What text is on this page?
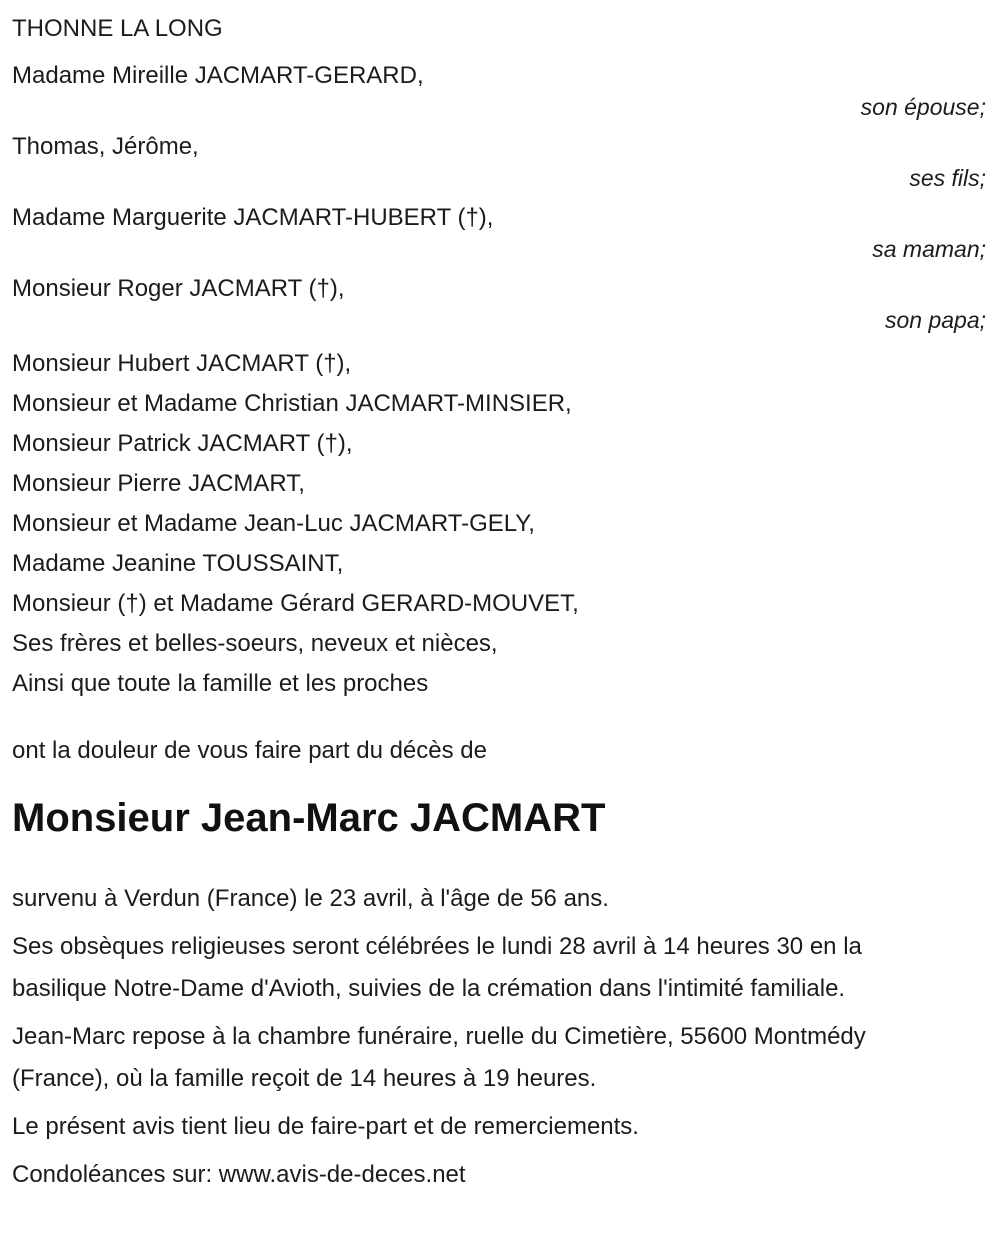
THONNE LA LONG
Madame Mireille JACMART-GERARD,
son épouse;
Thomas, Jérôme,
ses fils;
Madame Marguerite JACMART-HUBERT (†),
sa maman;
Monsieur Roger JACMART (†),
son papa;
Monsieur Hubert JACMART (†),
Monsieur et Madame Christian JACMART-MINSIER,
Monsieur Patrick JACMART (†),
Monsieur Pierre JACMART,
Monsieur et Madame Jean-Luc JACMART-GELY,
Madame Jeanine TOUSSAINT,
Monsieur (†) et Madame Gérard GERARD-MOUVET,
Ses frères et belles-soeurs, neveux et nièces,
Ainsi que toute la famille et les proches
ont la douleur de vous faire part du décès de
Monsieur Jean-Marc JACMART
survenu à Verdun (France) le 23 avril, à l'âge de 56 ans.
Ses obsèques religieuses seront célébrées le lundi 28 avril à 14 heures 30 en la basilique Notre-Dame d'Avioth, suivies de la crémation dans l'intimité familiale.
Jean-Marc repose à la chambre funéraire, ruelle du Cimetière, 55600 Montmédy (France), où la famille reçoit de 14 heures à 19 heures.
Le présent avis tient lieu de faire-part et de remerciements.
Condoléances sur: www.avis-de-deces.net
